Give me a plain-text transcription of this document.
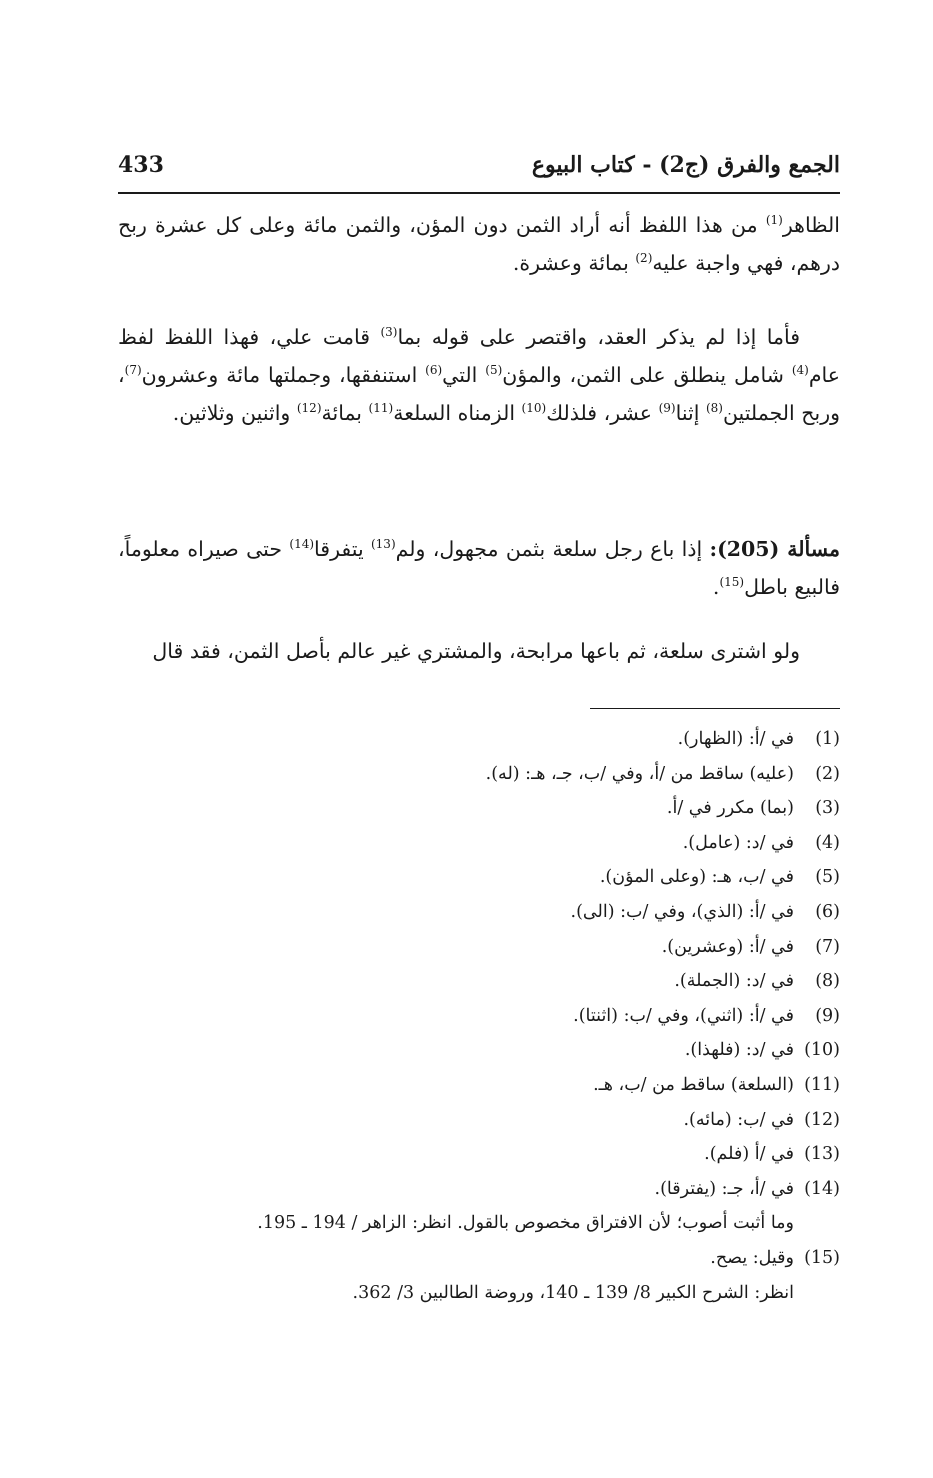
الجمع والفرق (ج2) - كتاب البيوع
433

الظاهر$^{(1)}$ من هذا اللفظ أنه أراد الثمن دون المؤن، والثمن مائة وعلى كل عشرة ربح درهم، فهي واجبة عليه$^{(2)}$ بمائة وعشرة.

فأما إذا لم يذكر العقد، واقتصر على قوله بما$^{(3)}$ قامت علي، فهذا اللفظ لفظ عام$^{(4)}$ شامل ينطلق على الثمن، والمؤن$^{(5)}$ التي$^{(6)}$ استنفقها، وجملتها مائة وعشرون$^{(7)}$، وربح الجملتين$^{(8)}$ إثنا$^{(9)}$ عشر، فلذلك$^{(10)}$ الزمناه السلعة$^{(11)}$ بمائة$^{(12)}$ واثنين وثلاثين.

مسألة (205): إذا باع رجل سلعة بثمن مجهول، ولم$^{(13)}$ يتفرقا$^{(14)}$ حتى صيراه معلوماً، فالبيع باطل$^{(15)}$.

ولو اشترى سلعة، ثم باعها مرابحة، والمشتري غير عالم بأصل الثمن، فقد قال

(1)في /أ: (الظهار).
(2)(عليه) ساقط من /أ، وفي /ب، جـ، هـ: (له).
(3)(بما) مكرر في /أ.
(4)في /د: (عامل).
(5)في /ب، هـ: (وعلى المؤن).
(6)في /أ: (الذي)، وفي /ب: (الى).
(7)في /أ: (وعشرين).
(8)في /د: (الجملة).
(9)في /أ: (اثني)، وفي /ب: (اثنتا).
(10)في /د: (فلهذا).
(11)(السلعة) ساقط من /ب، هـ.
(12)في /ب: (مائه).
(13)في /أ (فلم).
(14)في /أ، جـ: (يفترقا).
وما أثبت أصوب؛ لأن الافتراق مخصوص بالقول. انظر: الزاهر / 194 ـ 195.
(15)وقيل: يصح.
انظر: الشرح الكبير 8/ 139 ـ 140، وروضة الطالبين 3/ 362.
